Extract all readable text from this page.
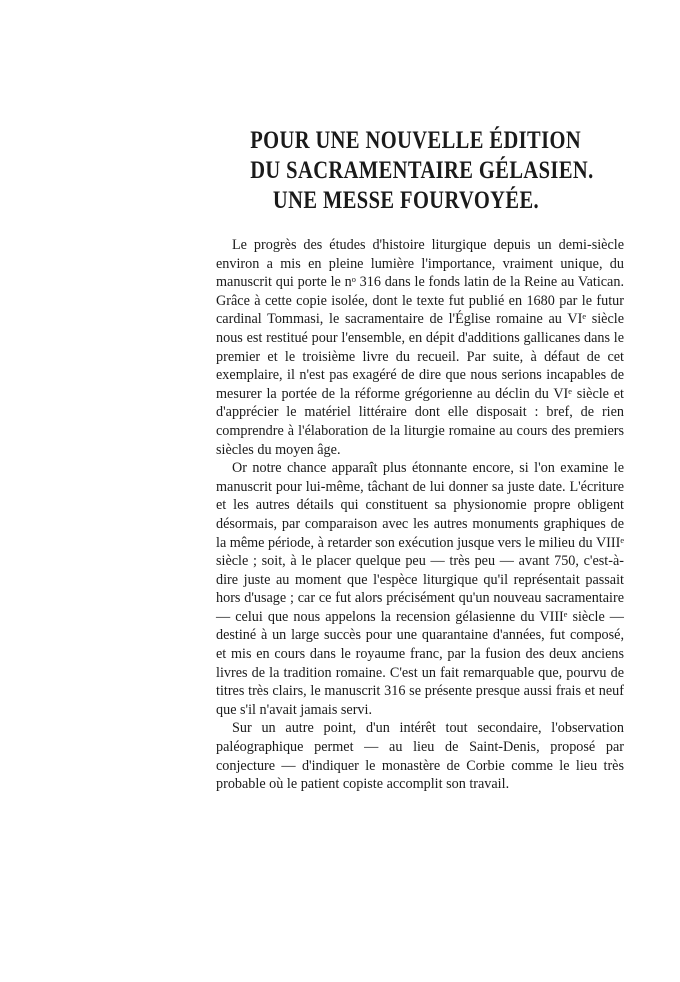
POUR UNE NOUVELLE ÉDITION
DU SACRAMENTAIRE GÉLASIEN.
UNE MESSE FOURVOYÉE.

Le progrès des études d'histoire liturgique depuis un demi-siècle environ a mis en pleine lumière l'importance, vraiment unique, du manuscrit qui porte le nᵒ 316 dans le fonds latin de la Reine au Vatican. Grâce à cette copie isolée, dont le texte fut publié en 1680 par le futur cardinal Tommasi, le sacramentaire de l'Église romaine au VIᵉ siècle nous est restitué pour l'ensemble, en dépit d'additions gallicanes dans le premier et le troisième livre du recueil. Par suite, à défaut de cet exemplaire, il n'est pas exagéré de dire que nous serions incapables de mesurer la portée de la réforme grégorienne au déclin du VIᵉ siècle et d'apprécier le matériel littéraire dont elle disposait : bref, de rien comprendre à l'élaboration de la liturgie romaine au cours des premiers siècles du moyen âge.

Or notre chance apparaît plus étonnante encore, si l'on examine le manuscrit pour lui-même, tâchant de lui donner sa juste date. L'écriture et les autres détails qui constituent sa physionomie propre obligent désormais, par comparaison avec les autres monuments graphiques de la même période, à retarder son exécution jusque vers le milieu du VIIIᵉ siècle ; soit, à le placer quelque peu — très peu — avant 750, c'est-à-dire juste au moment que l'espèce liturgique qu'il représentait passait hors d'usage ; car ce fut alors précisément qu'un nouveau sacramentaire — celui que nous appelons la recension gélasienne du VIIIᵉ siècle — destiné à un large succès pour une quarantaine d'années, fut composé, et mis en cours dans le royaume franc, par la fusion des deux anciens livres de la tradition romaine. C'est un fait remarquable que, pourvu de titres très clairs, le manuscrit 316 se présente presque aussi frais et neuf que s'il n'avait jamais servi.

Sur un autre point, d'un intérêt tout secondaire, l'observation paléographique permet — au lieu de Saint-Denis, proposé par conjecture — d'indiquer le monastère de Corbie comme le lieu très probable où le patient copiste accomplit son travail.
